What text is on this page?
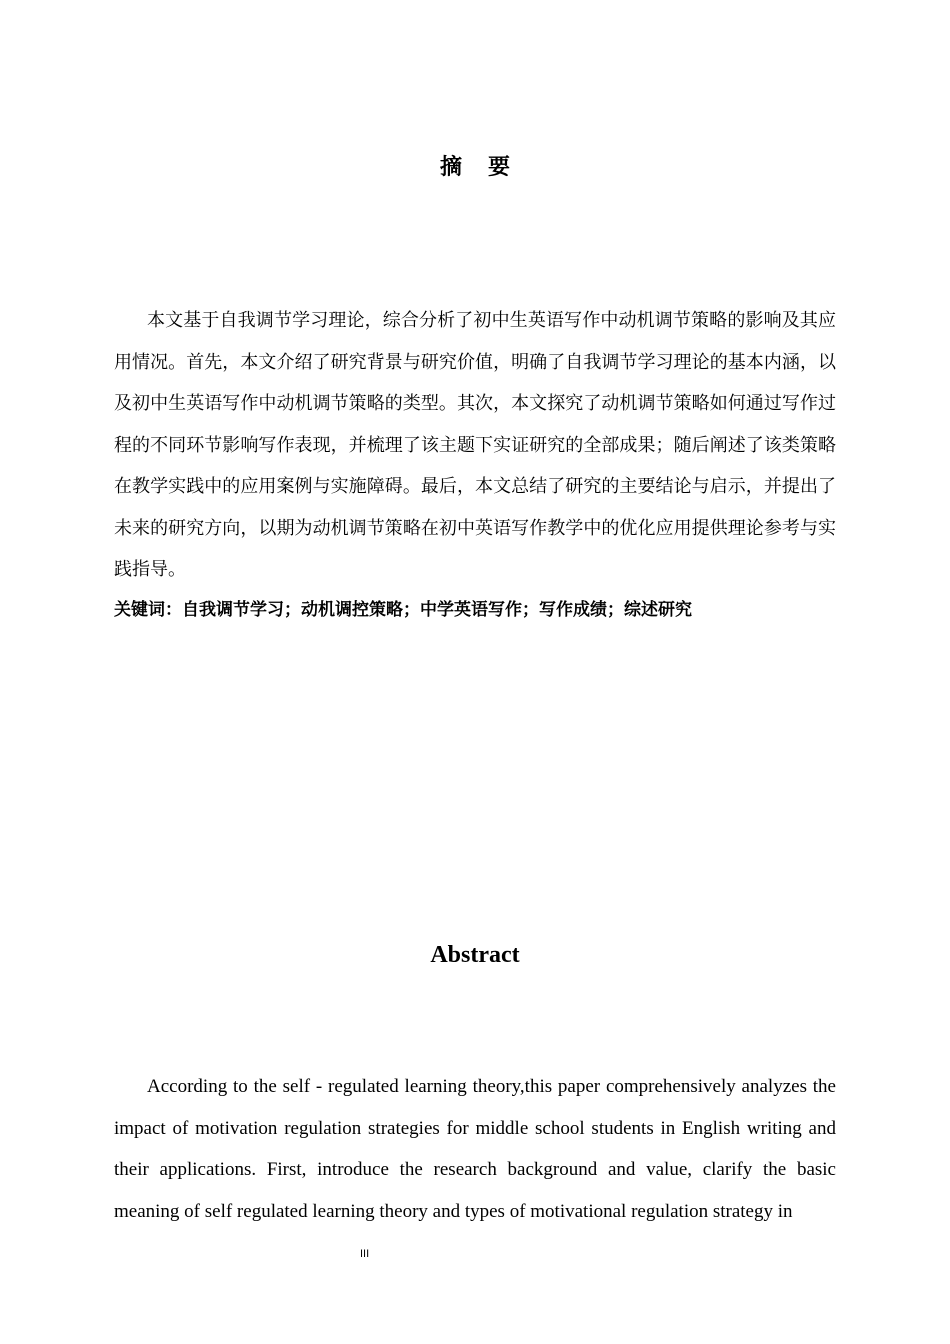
摘要

本文基于自我调节学习理论，综合分析了初中生英语写作中动机调节策略的影响及其应用情况。首先，本文介绍了研究背景与研究价值，明确了自我调节学习理论的基本内涵，以及初中生英语写作中动机调节策略的类型。其次，本文探究了动机调节策略如何通过写作过程的不同环节影响写作表现，并梳理了该主题下实证研究的全部成果；随后阐述了该类策略在教学实践中的应用案例与实施障碍。最后，本文总结了研究的主要结论与启示，并提出了未来的研究方向，以期为动机调节策略在初中英语写作教学中的优化应用提供理论参考与实践指导。

关键词：自我调节学习；动机调控策略；中学英语写作；写作成绩；综述研究

Abstract

According to the self - regulated learning theory,this paper comprehensively analyzes the impact of motivation regulation strategies for middle school students in English writing and their applications. First, introduce the research background and value, clarify the basic meaning of self regulated learning theory and types of motivational regulation strategy in

III
